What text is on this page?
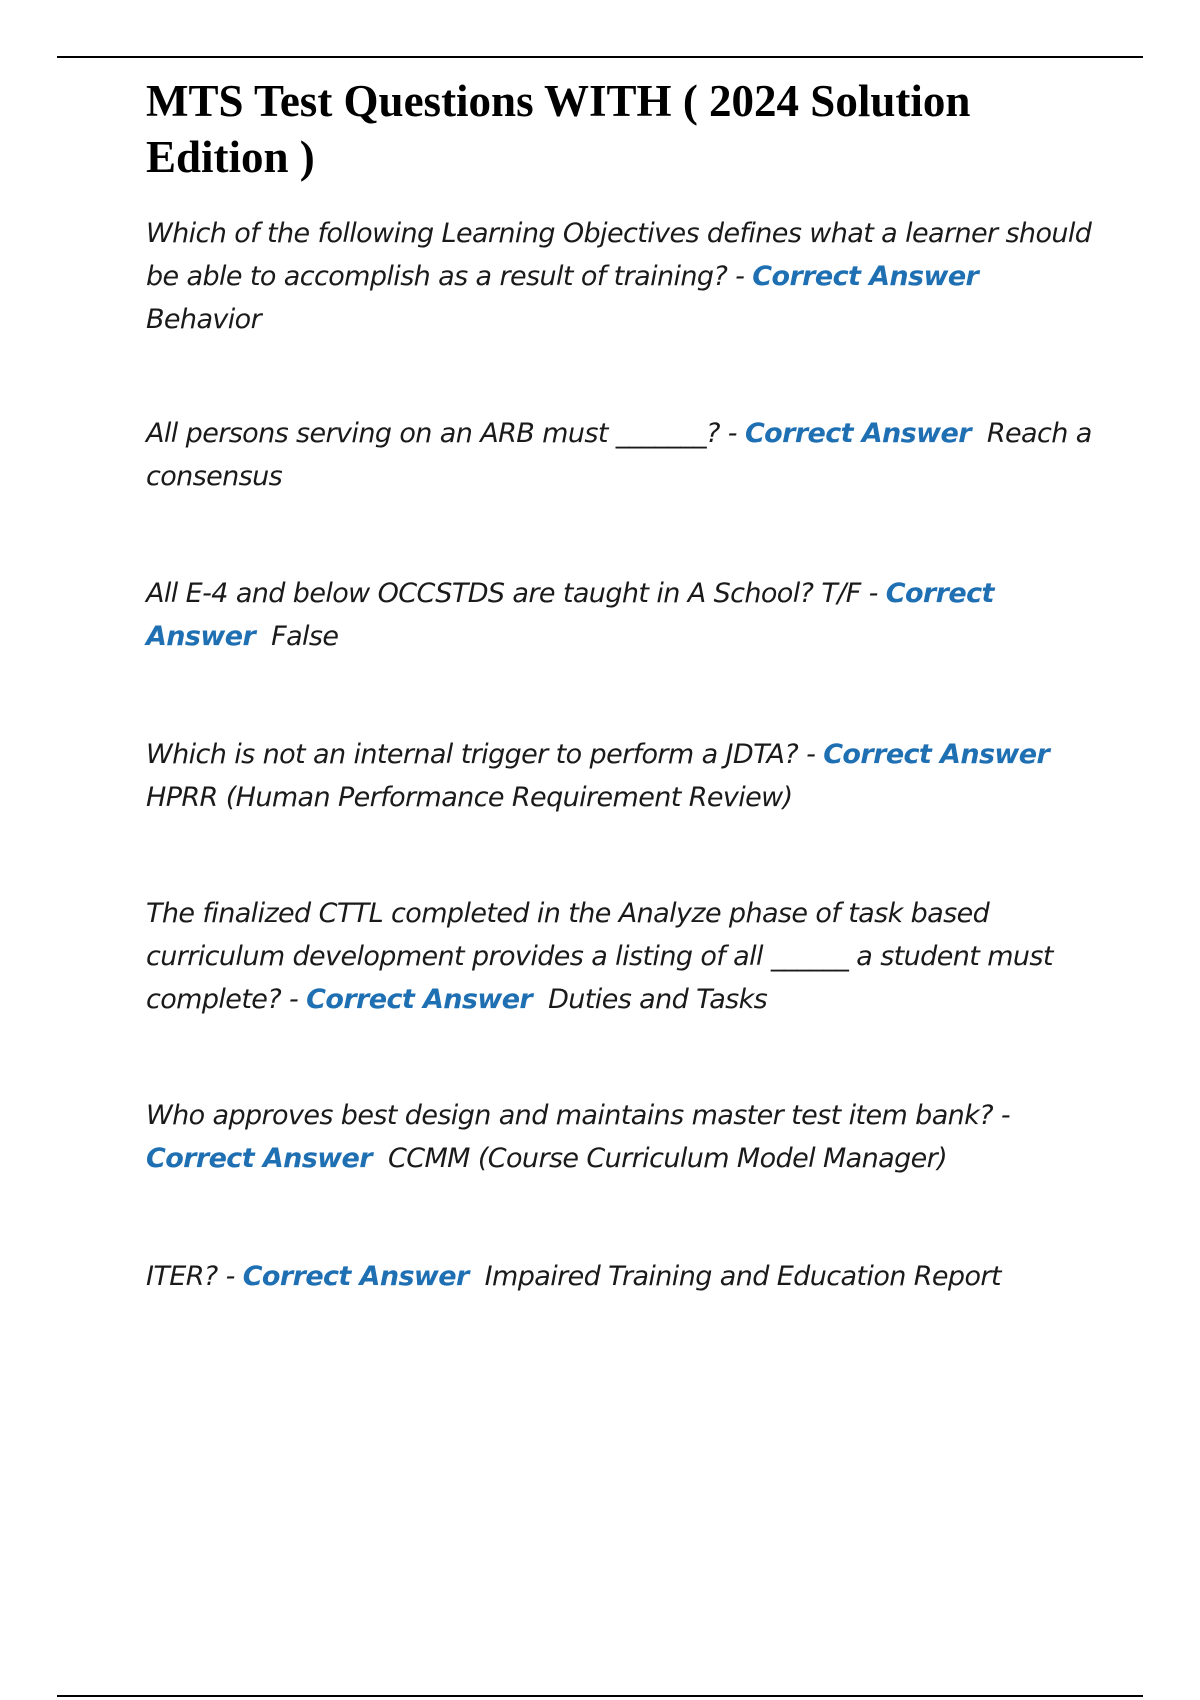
MTS Test Questions WITH ( 2024 Solution Edition )

Which of the following Learning Objectives defines what a learner should be able to accomplish as a result of training? - Correct Answer
Behavior

All persons serving on an ARB must _______? - Correct Answer Reach a consensus

All E-4 and below OCCSTDS are taught in A School? T/F - Correct Answer False

Which is not an internal trigger to perform a JDTA? - Correct Answer
HPRR (Human Performance Requirement Review)

The finalized CTTL completed in the Analyze phase of task based curriculum development provides a listing of all ______ a student must complete? - Correct Answer Duties and Tasks

Who approves best design and maintains master test item bank? -
Correct Answer CCMM (Course Curriculum Model Manager)

ITER? - Correct Answer Impaired Training and Education Report
